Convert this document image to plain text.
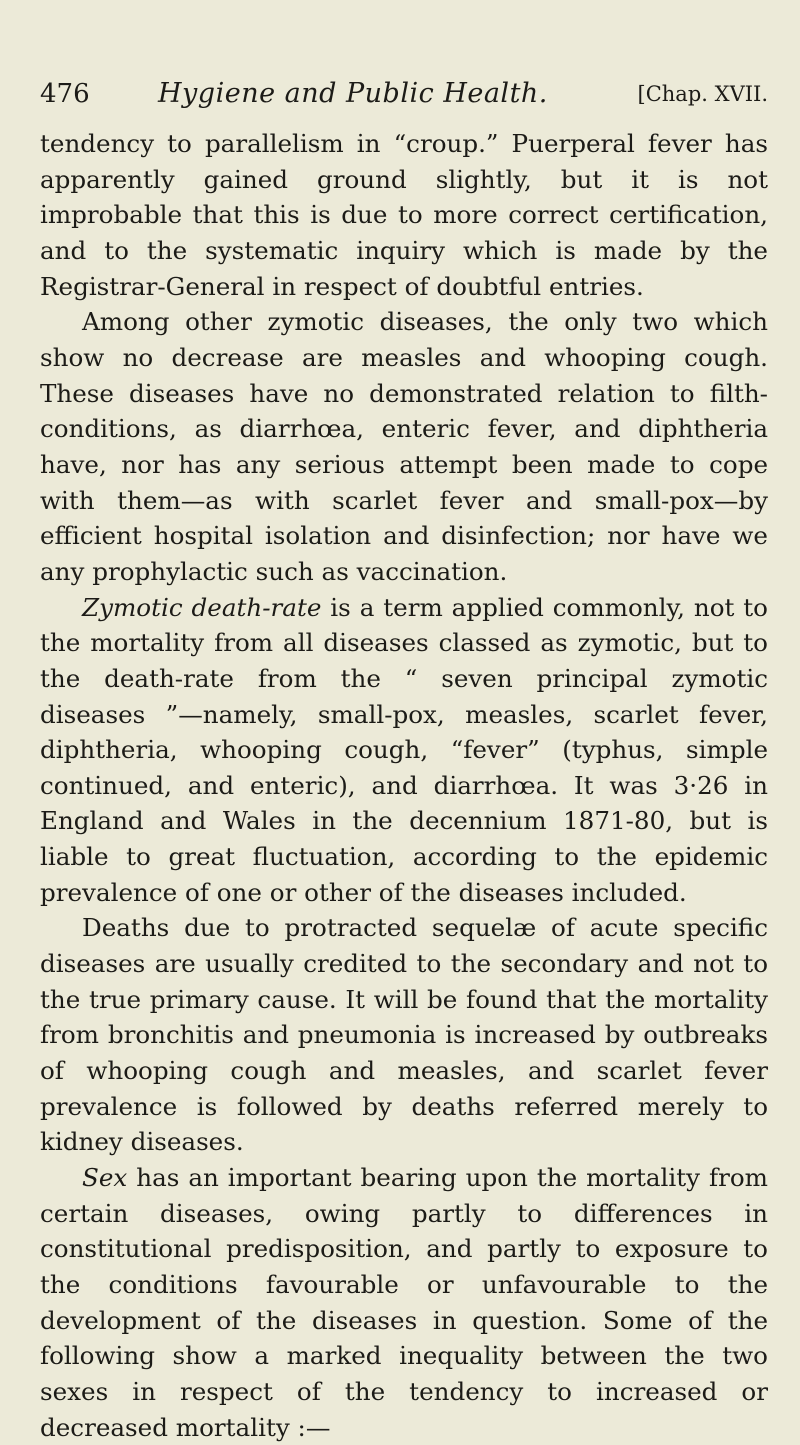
476	Hygiene and Public Health.	[Chap. XVII.

tendency to parallelism in “croup.” Puerperal fever has apparently gained ground slightly, but it is not improbable that this is due to more correct certification, and to the systematic inquiry which is made by the Registrar-General in respect of doubtful entries.

Among other zymotic diseases, the only two which show no decrease are measles and whooping cough. These diseases have no demonstrated relation to filth-conditions, as diarrhœa, enteric fever, and diphtheria have, nor has any serious attempt been made to cope with them—as with scarlet fever and small-pox—by efficient hospital isolation and disinfection; nor have we any prophylactic such as vaccination.

Zymotic death-rate is a term applied commonly, not to the mortality from all diseases classed as zymotic, but to the death-rate from the “ seven principal zymotic diseases ”—namely, small-pox, measles, scarlet fever, diphtheria, whooping cough, “fever” (typhus, simple continued, and enteric), and diarrhœa. It was 3·26 in England and Wales in the decennium 1871-80, but is liable to great fluctuation, according to the epidemic prevalence of one or other of the diseases included.

Deaths due to protracted sequelæ of acute specific diseases are usually credited to the secondary and not to the true primary cause. It will be found that the mortality from bronchitis and pneumonia is increased by outbreaks of whooping cough and measles, and scarlet fever prevalence is followed by deaths referred merely to kidney diseases.

Sex has an important bearing upon the mortality from certain diseases, owing partly to differences in constitutional predisposition, and partly to exposure to the conditions favourable or unfavourable to the development of the diseases in question. Some of the following show a marked inequality between the two sexes in respect of the tendency to increased or decreased mortality :—
